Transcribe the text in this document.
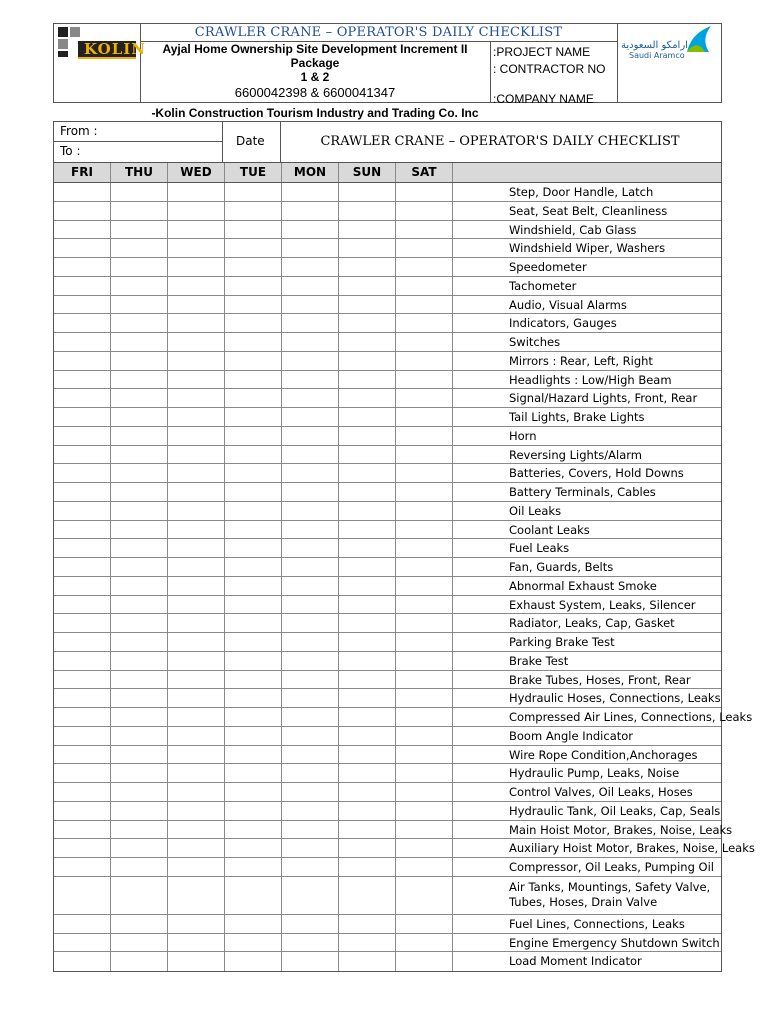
KOLIN
CRAWLER CRANE – OPERATOR'S DAILY CHECKLIST
Ayjal Home Ownership Site Development Increment II Package
1 & 2
6600042398 & 6600041347
-Kolin Construction Tourism Industry and Trading Co. Inc
:PROJECT NAME
: CONTRACTOR NO
:COMPANY NAME
ارامكو السعودية
Saudi Aramco
From :
To :
Date	CRAWLER CRANE – OPERATOR'S DAILY CHECKLIST
FRI	THU	WED	TUE	MON	SUN	SAT
Step, Door Handle, Latch
Seat, Seat Belt, Cleanliness
Windshield, Cab Glass
Windshield Wiper, Washers
Speedometer
Tachometer
Audio, Visual Alarms
Indicators, Gauges
Switches
Mirrors : Rear, Left, Right
Headlights : Low/High Beam
Signal/Hazard Lights, Front, Rear
Tail Lights, Brake Lights
Horn
Reversing Lights/Alarm
Batteries, Covers, Hold Downs
Battery Terminals, Cables
Oil Leaks
Coolant Leaks
Fuel Leaks
Fan, Guards, Belts
Abnormal Exhaust Smoke
Exhaust System, Leaks, Silencer
Radiator, Leaks, Cap, Gasket
Parking Brake Test
Brake Test
Brake Tubes, Hoses, Front, Rear
Hydraulic Hoses, Connections, Leaks
Compressed Air Lines, Connections, Leaks
Boom Angle Indicator
Wire Rope Condition,Anchorages
Hydraulic Pump, Leaks, Noise
Control Valves, Oil Leaks, Hoses
Hydraulic Tank, Oil Leaks, Cap, Seals
Main Hoist Motor, Brakes, Noise, Leaks
Auxiliary Hoist Motor, Brakes, Noise, Leaks
Compressor, Oil Leaks, Pumping Oil
Air Tanks, Mountings, Safety Valve, Tubes, Hoses, Drain Valve
Fuel Lines, Connections, Leaks
Engine Emergency Shutdown Switch
Load Moment Indicator
